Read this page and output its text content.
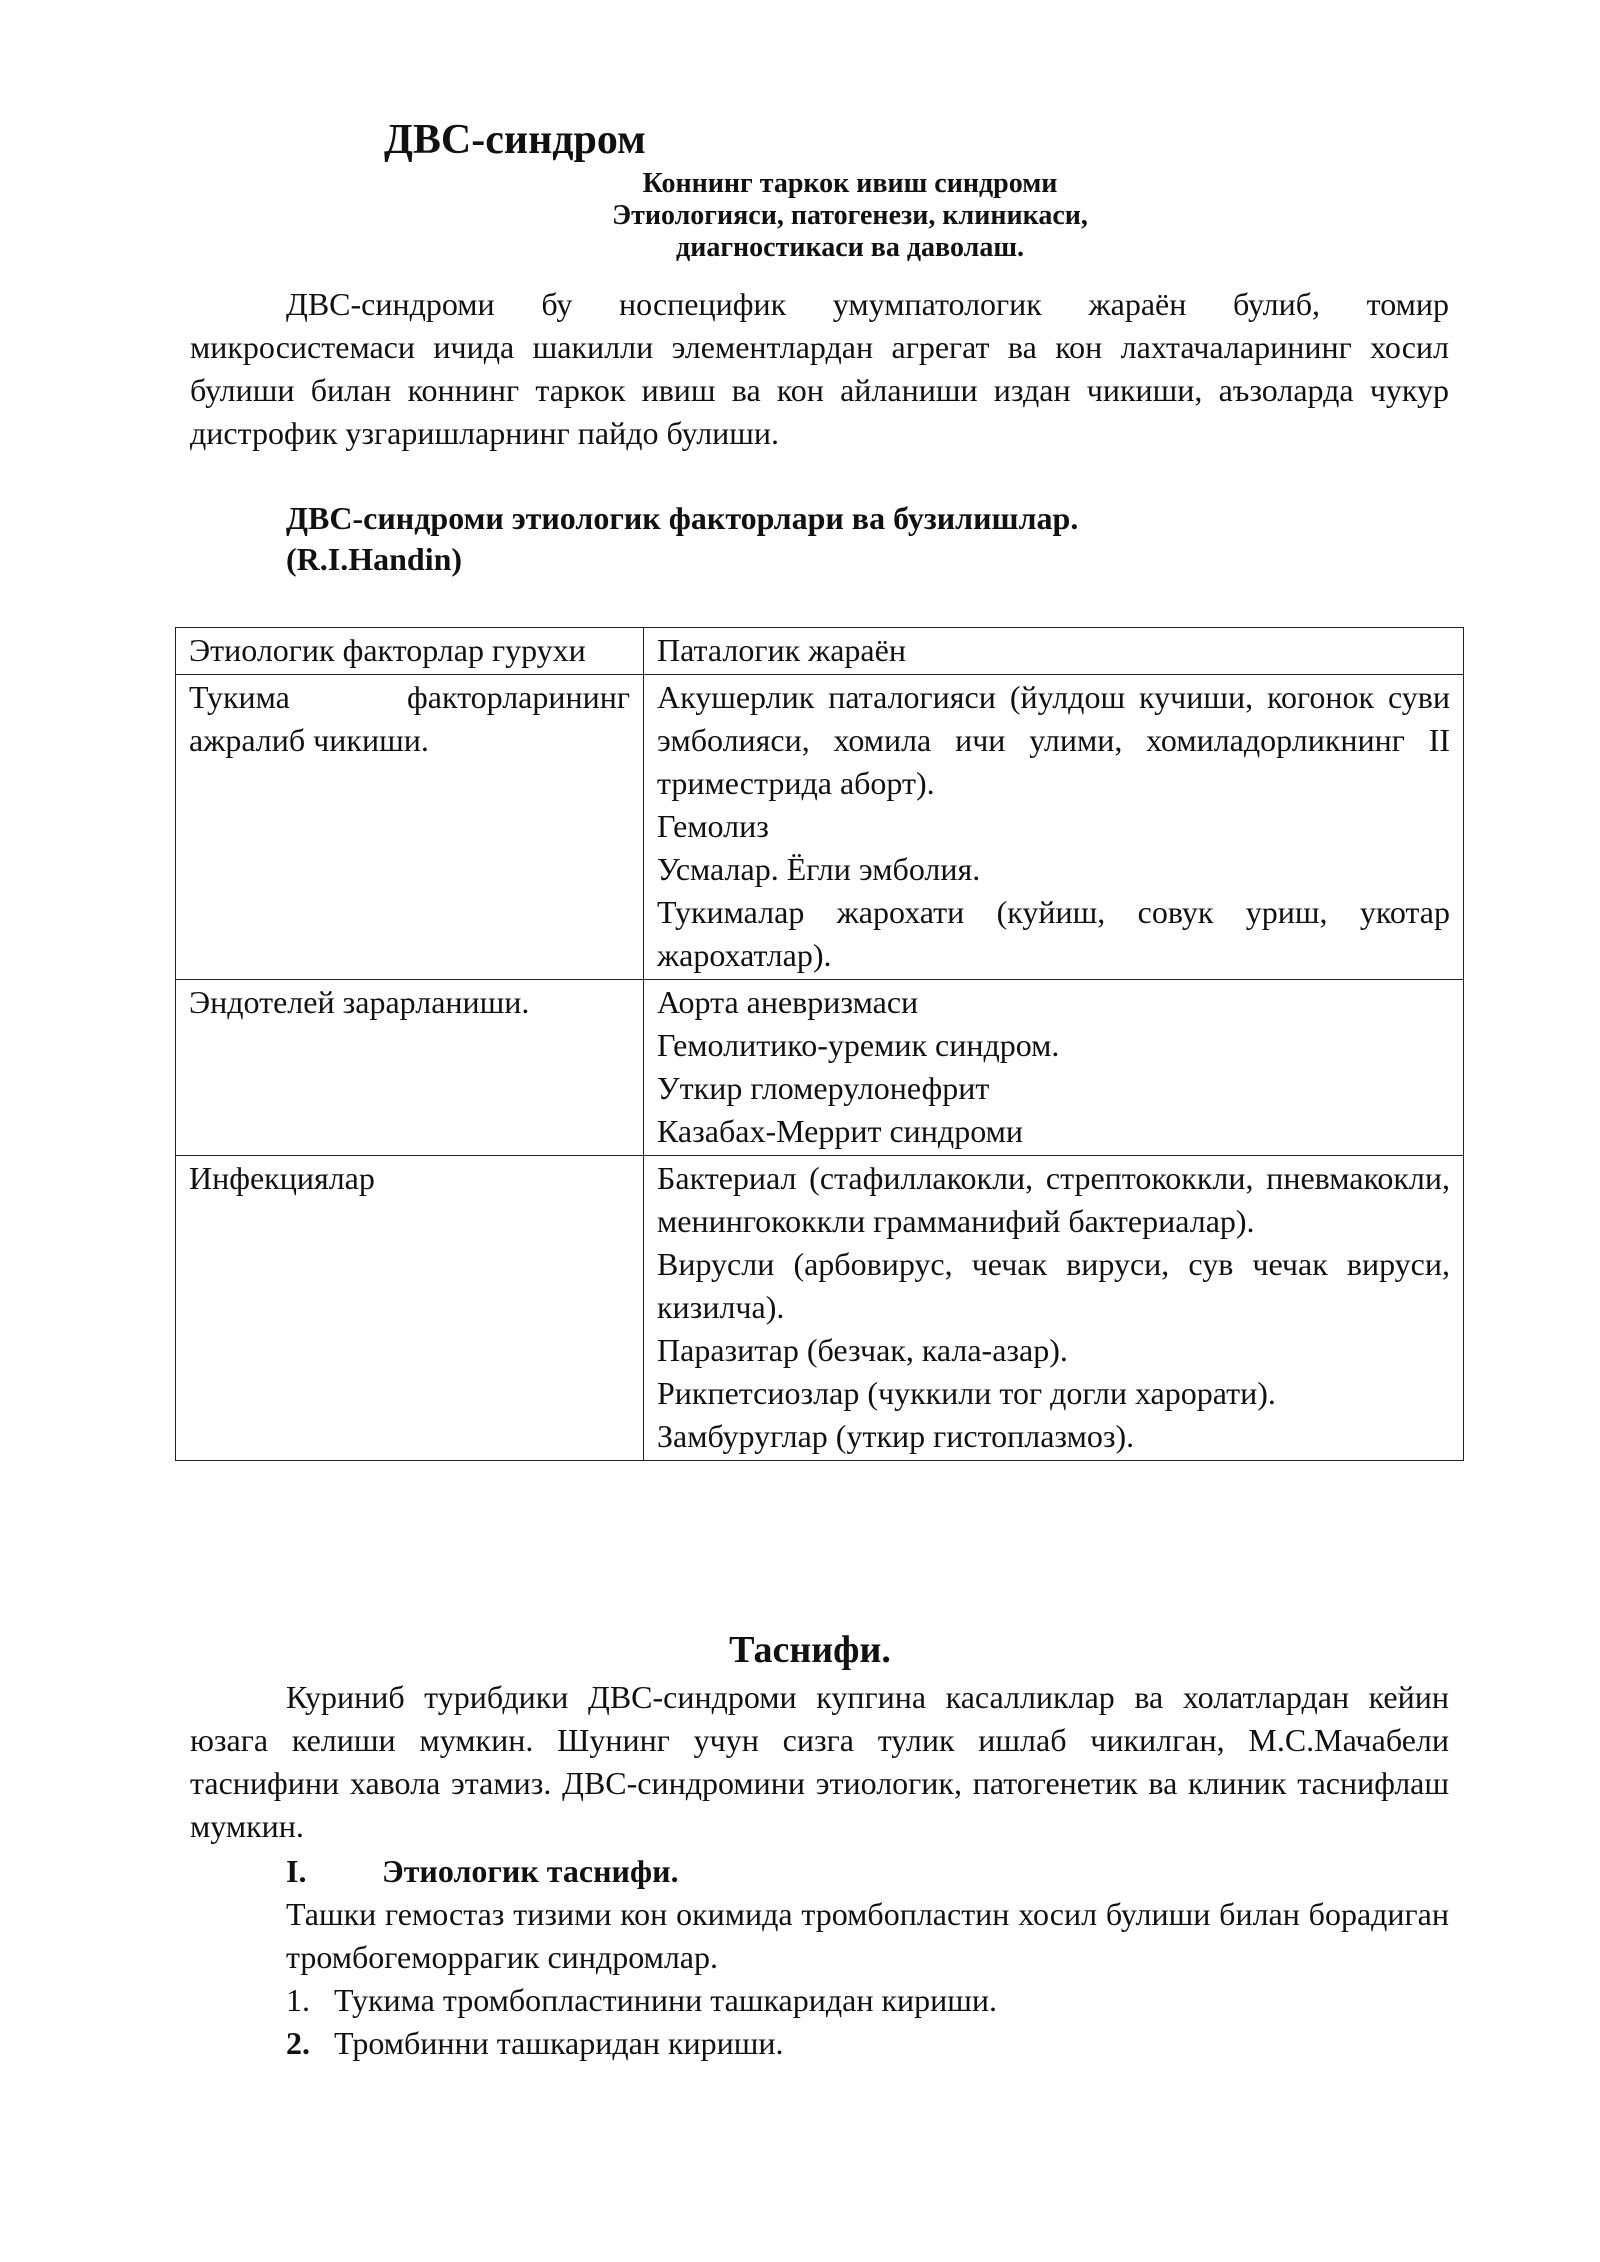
ДВС-синдром
Коннинг таркок ивиш синдроми
Этиологияси, патогенези, клиникаси,
диагностикаси ва даволаш.

ДВС-синдроми бу носпецифик умумпатологик жараён булиб, томир микросистемаси ичида шакилли элементлардан агрегат ва кон лахтачаларининг хосил булиши билан коннинг таркок ивиш ва кон айланиши издан чикиши, аъзоларда чукур дистрофик узгаришларнинг пайдо булиши.

ДВС-синдроми этиологик факторлари ва бузилишлар.
(R.I.Handin)
Этиологик факторлар гурухи	Паталогик жараён
Тукима факторларининг ажралиб чикиши.	Акушерлик паталогияси (йулдош кучиши, когонок суви эмболияси, хомила ичи улими, хомиладорликнинг II триместрида аборт).
Гемолиз
Усмалар. Ёгли эмболия.
Тукималар жарохати (куйиш, совук уриш, укотар жарохатлар).

Эндотелей зарарланиши.	Аорта аневризмаси
Гемолитико-уремик синдром.
Уткир гломерулонефрит
Казабах-Меррит синдроми

Инфекциялар	Бактериал (стафиллакокли, стрептококкли, пневмакокли, менингококкли грамманифий бактериалар).
Вирусли (арбовирус, чечак вируси, сув чечак вируси, кизилча).
Паразитар (безчак, кала-азар).
Рикпетсиозлар (чуккили тог догли харорати).
Замбуруглар (уткир гистоплазмоз).
Таснифи.

Куриниб турибдики ДВС-синдроми купгина касалликлар ва холатлардан кейин юзага келиши мумкин. Шунинг учун сизга тулик ишлаб чикилган, М.С.Мачабели таснифини хавола этамиз. ДВС-синдромини этиологик, патогенетик ва клиник таснифлаш мумкин.

I. Этиологик таснифи.

Ташки гемостаз тизими кон окимида тромбопластин хосил булиши билан борадиган тромбогеморрагик синдромлар.

1. Тукима тромбопластинини ташкаридан кириши.
2. Тромбинни ташкаридан кириши.
